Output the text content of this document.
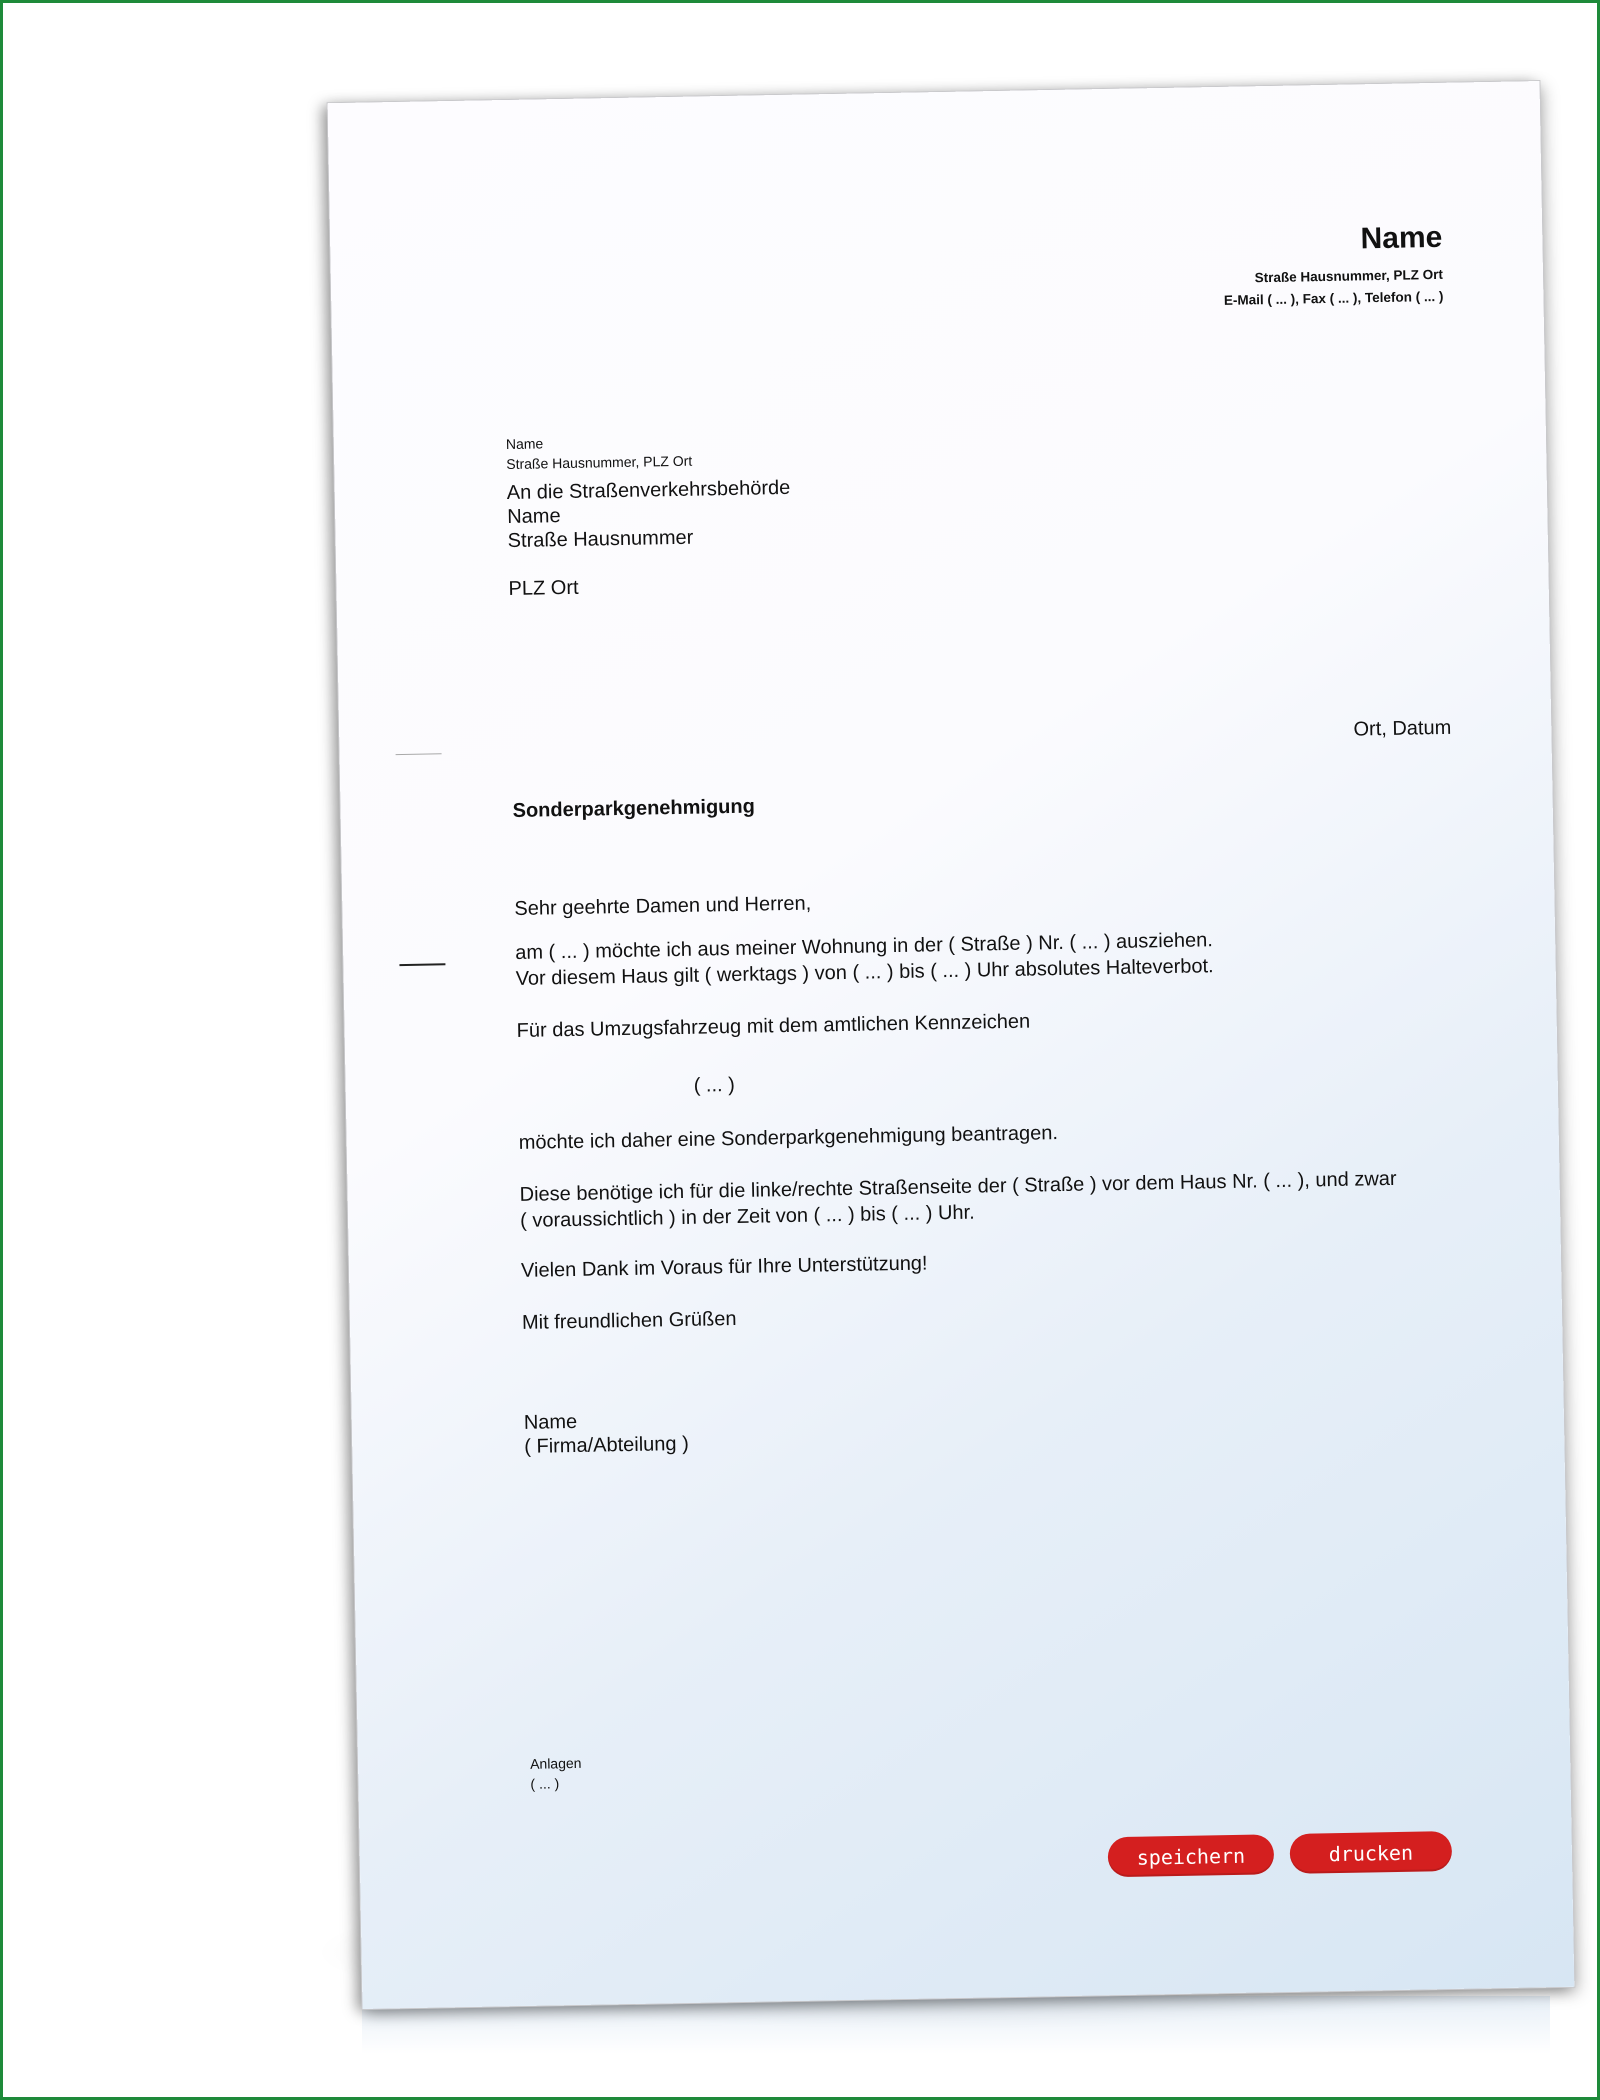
Name
Straße Hausnummer, PLZ Ort
E-Mail ( ... ), Fax ( ... ), Telefon ( ... )
Name
Straße Hausnummer, PLZ Ort
An die Straßenverkehrsbehörde
Name
Straße Hausnummer
PLZ Ort
Ort, Datum
Sonderparkgenehmigung
Sehr geehrte Damen und Herren,
am ( ... ) möchte ich aus meiner Wohnung in der ( Straße ) Nr. ( ... ) ausziehen.
Vor diesem Haus gilt ( werktags ) von ( ... ) bis ( ... ) Uhr absolutes Halteverbot.
Für das Umzugsfahrzeug mit dem amtlichen Kennzeichen
( ... )
möchte ich daher eine Sonderparkgenehmigung beantragen.
Diese benötige ich für die linke/rechte Straßenseite der ( Straße ) vor dem Haus Nr. ( ... ), und zwar
( voraussichtlich ) in der Zeit von ( ... ) bis ( ... ) Uhr.
Vielen Dank im Voraus für Ihre Unterstützung!
Mit freundlichen Grüßen
Name
( Firma/Abteilung )
Anlagen
( ... )
speichern	drucken
